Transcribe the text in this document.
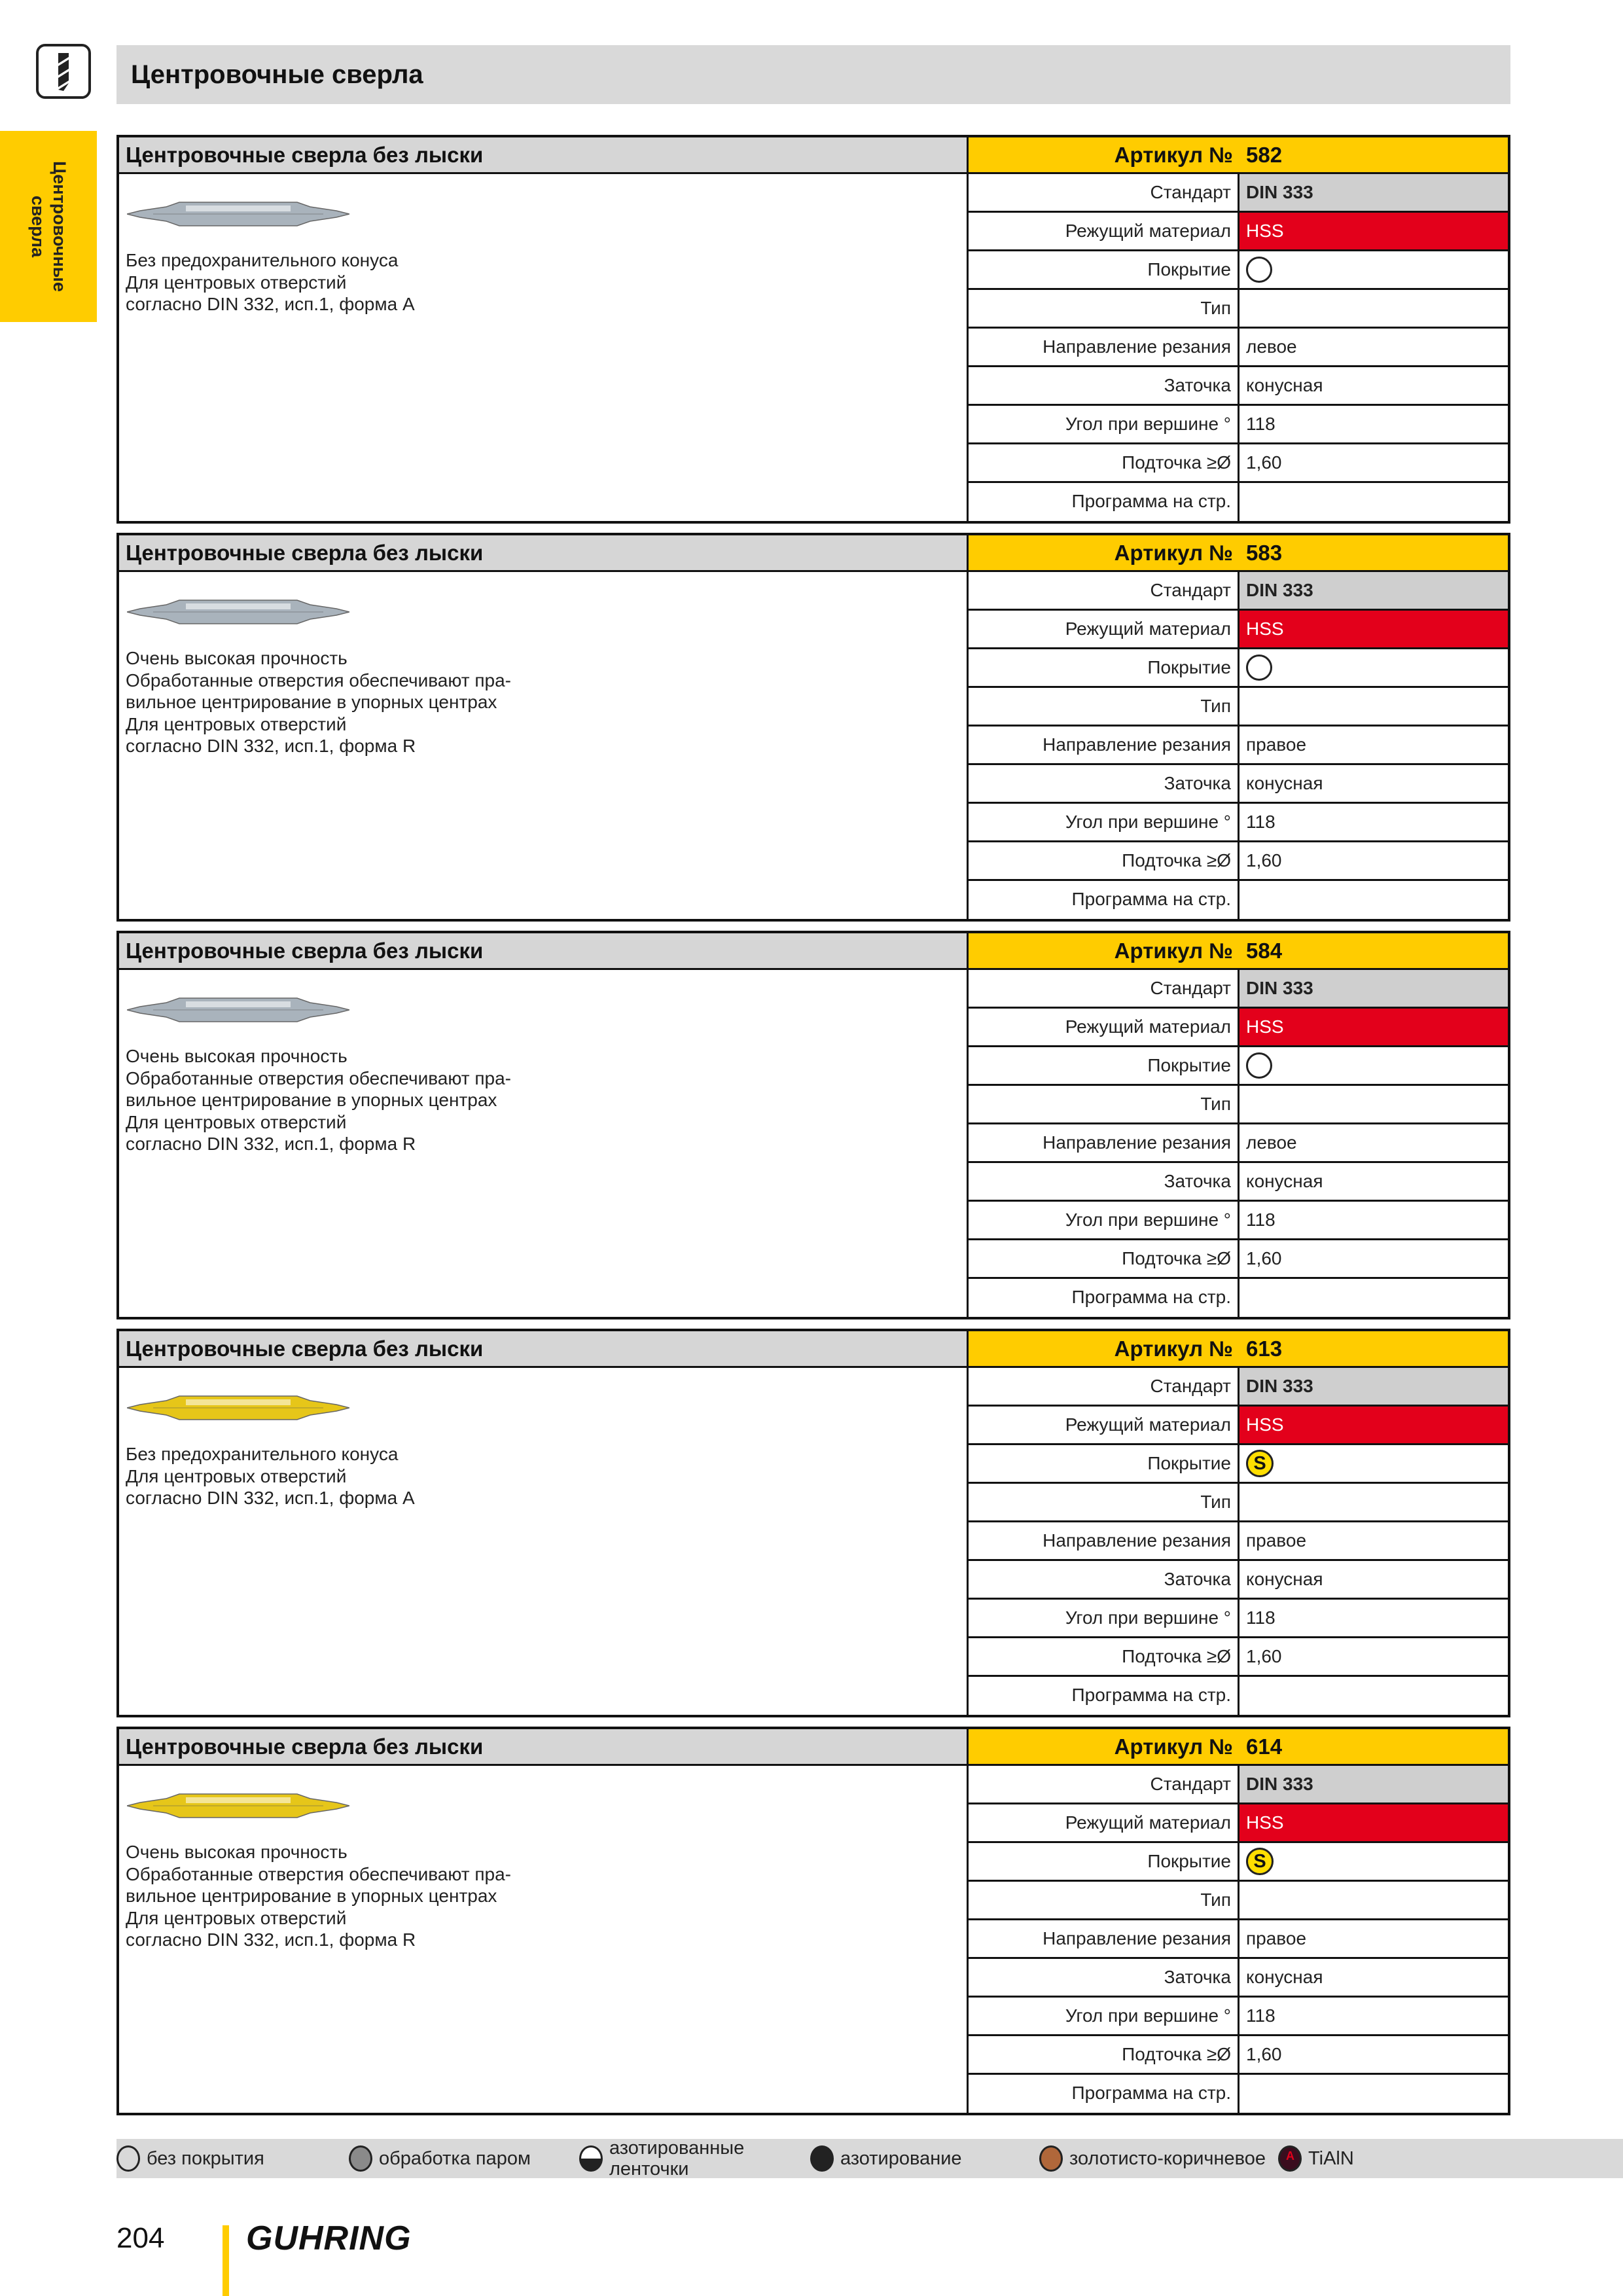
Центровочные сверла
Центровочные
сверла
Центровочные сверла без лыски
Без предохранительного конуса
Для центровых отверстий
согласно DIN 332, исп.1, форма A
Артикул № 582
Стандарт DIN 333
Режущий материал HSS
Покрытие
Тип
Направление резания левое
Заточка конусная
Угол при вершине ° 118
Подточка ≥Ø 1,60
Программа на стр.
Центровочные сверла без лыски
Очень высокая прочность
Обработанные отверстия обеспечивают пра-
вильное центрирование в упорных центрах
Для центровых отверстий
согласно DIN 332, исп.1, форма R
Артикул № 583
Стандарт DIN 333
Режущий материал HSS
Покрытие
Тип
Направление резания правое
Заточка конусная
Угол при вершине ° 118
Подточка ≥Ø 1,60
Программа на стр.
Центровочные сверла без лыски
Очень высокая прочность
Обработанные отверстия обеспечивают пра-
вильное центрирование в упорных центрах
Для центровых отверстий
согласно DIN 332, исп.1, форма R
Артикул № 584
Стандарт DIN 333
Режущий материал HSS
Покрытие
Тип
Направление резания левое
Заточка конусная
Угол при вершине ° 118
Подточка ≥Ø 1,60
Программа на стр.
Центровочные сверла без лыски
Без предохранительного конуса
Для центровых отверстий
согласно DIN 332, исп.1, форма A
Артикул № 613
Стандарт DIN 333
Режущий материал HSS
Покрытие	S
Тип
Направление резания правое
Заточка конусная
Угол при вершине ° 118
Подточка ≥Ø 1,60
Программа на стр.
Центровочные сверла без лыски
Очень высокая прочность
Обработанные отверстия обеспечивают пра-
вильное центрирование в упорных центрах
Для центровых отверстий
согласно DIN 332, исп.1, форма R
Артикул № 614
Стандарт DIN 333
Режущий материал HSS
Покрытие	S
Тип
Направление резания правое
Заточка конусная
Угол при вершине ° 118
Подточка ≥Ø 1,60
Программа на стр.
без покрытия	обработка паром	азотированные
ленточки
азотирование	золотисто-коричневое A TiAlN
204 GUHRING
